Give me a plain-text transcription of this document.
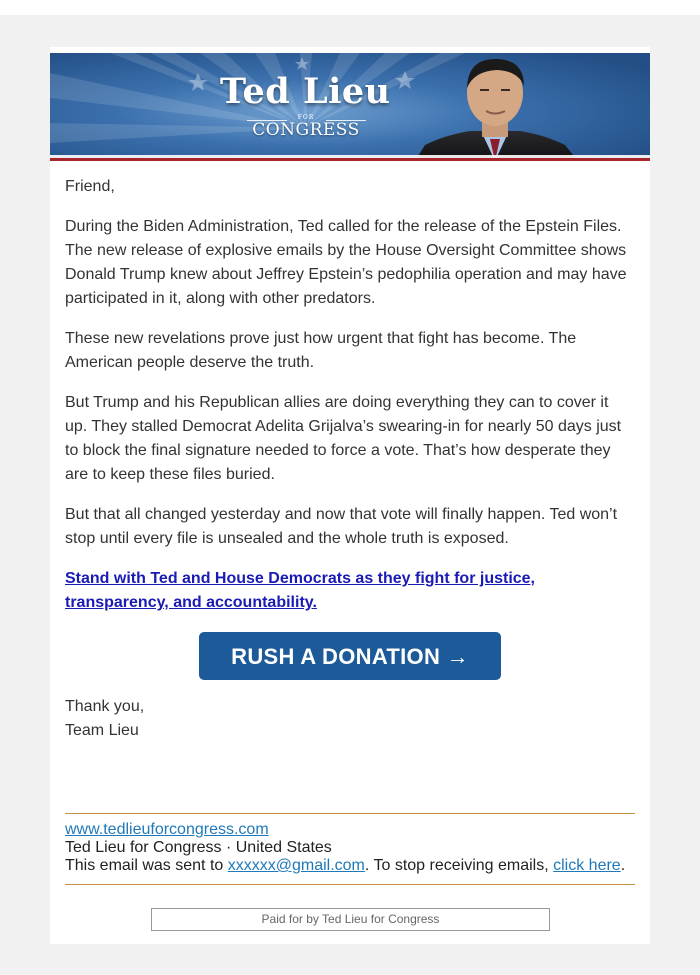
Ted Lieu
FOR
CONGRESS

Friend,

During the Biden Administration, Ted called for the release of the Epstein Files. The new release of explosive emails by the House Oversight Committee shows Donald Trump knew about Jeffrey Epstein’s pedophilia operation and may have participated in it, along with other predators.

These new revelations prove just how urgent that fight has become. The American people deserve the truth.

But Trump and his Republican allies are doing everything they can to cover it up. They stalled Democrat Adelita Grijalva’s swearing-in for nearly 50 days just to block the final signature needed to force a vote. That’s how desperate they are to keep these files buried.

But that all changed yesterday and now that vote will finally happen. Ted won’t stop until every file is unsealed and the whole truth is exposed.

Stand with Ted and House Democrats as they fight for justice, transparency, and accountability.

RUSH A DONATION →
Thank you,
Team Lieu
www.tedlieuforcongress.com
Ted Lieu for Congress · United States
This email was sent to xxxxxx@gmail.com. To stop receiving emails, click here.
Paid for by Ted Lieu for Congress
